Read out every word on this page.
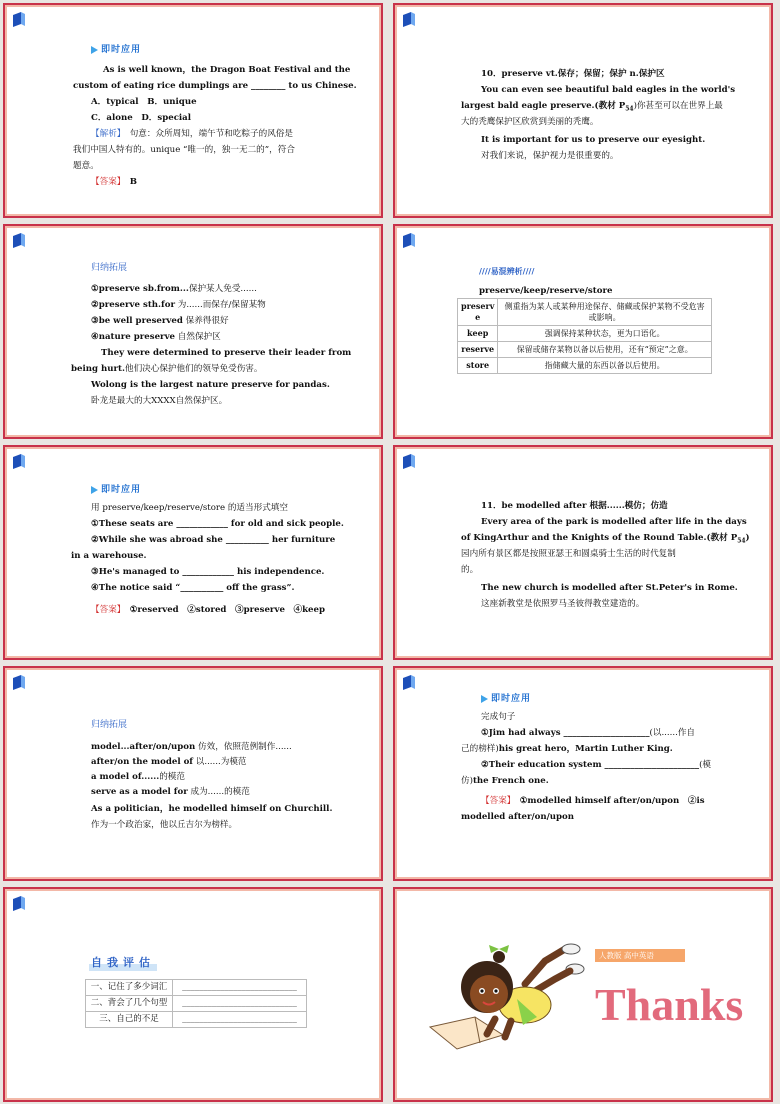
即时应用
As is well known，the Dragon Boat Festival and the
custom of eating rice dumplings are ________ to us Chinese.
A．typical　 B．unique
C．alone　 D．special
【解析】　 句意：众所周知，端午节和吃粽子的风俗是
我们中国人特有的。unique “唯一的，独一无二的”，符合
题意。
【答案】　 B
10．preserve vt.保存；保留；保护 n.保护区
You can even see beautiful bald eagles in the world's
largest bald eagle preserve.(教材 $P_{54}$)你甚至可以在世界上最
大的秃鹰保护区欣赏到美丽的秃鹰。
It is important for us to preserve our eyesight.
对我们来说，保护视力是很重要的。
归纳拓展
①preserve sb.from...保护某人免受......
②preserve sth.for 为......而保存/保留某物
③be well preserved 保养得很好
④nature preserve 自然保护区
They were determined to preserve their leader from
being hurt.他们决心保护他们的领导免受伤害。
Wolong is the largest nature preserve for pandas.
卧龙是最大的大XXXX自然保护区。
////易混辨析////
preserve/keep/reserve/store
preserv e	侧重指为某人或某种用途保存、储藏或保护某物不受危害或影响。
keep	强调保持某种状态，更为口语化。
reserve	保留或储存某物以备以后使用，还有“预定”之意。
store	指储藏大量的东西以备以后使用。
即时应用
用 preserve/keep/reserve/store 的适当形式填空
①These seats are ____________ for old and sick people.
②While she was abroad she __________ her furniture
in a warehouse.
③He's managed to ____________ his independence.
④The notice said “__________ off the grass”.
【答案】　 ①reserved　②stored　③preserve　④keep
11．be modelled after 根据......模仿；仿造
Every area of the park is modelled after life in the days
of KingArthur and the Knights of the Round Table.(教材 $P_{54}$)
园内所有景区都是按照亚瑟王和圆桌骑士生活的时代复制
的。
The new church is modelled after St.Peter's in Rome.
这座新教堂是依照罗马圣彼得教堂建造的。
归纳拓展
model...after/on/upon 仿效，依照范例制作......
after/on the model of 以......为模范
a model of......的模范
serve as a model for 成为......的模范
As a politician，he modelled himself on Churchill.
作为一个政治家，他以丘吉尔为榜样。
即时应用
完成句子
①Jim had always ____________________(以......作自
己的榜样)his great hero，Martin Luther King.
②Their education system ______________________(模
仿)the French one.
【答案】　 ①modelled himself after/on/upon　②is
modelled after/on/upon
自我评估
一、记住了多少词汇	___________________________
二、背会了几个句型	___________________________
三、自己的不足	___________________________
人教版 高中英语
Thanks
